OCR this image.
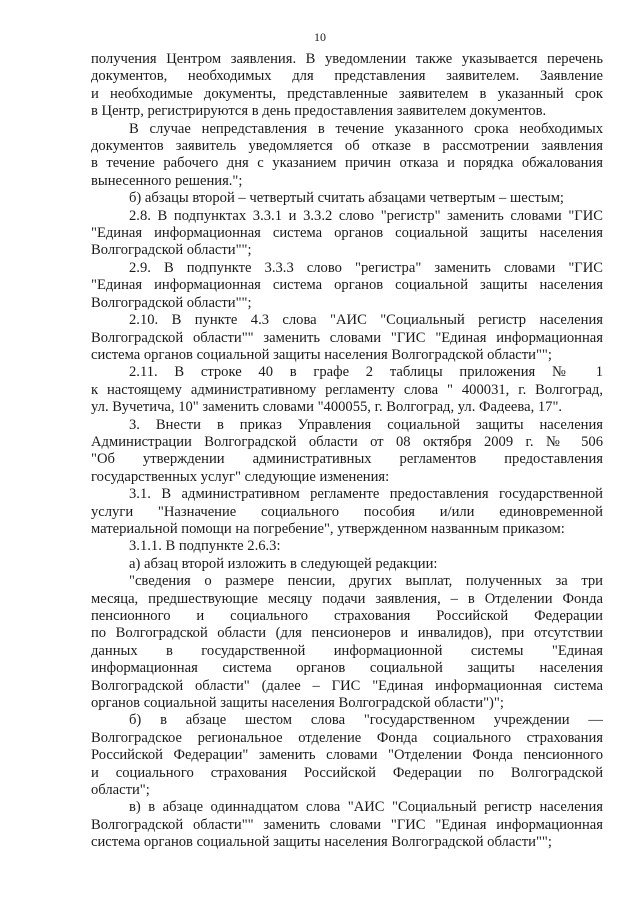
10
получения Центром заявления. В уведомлении также указывается перечень
документов, необходимых для представления заявителем. Заявление
и необходимые документы, представленные заявителем в указанный срок
в Центр, регистрируются в день предоставления заявителем документов.
В случае непредставления в течение указанного срока необходимых
документов заявитель уведомляется об отказе в рассмотрении заявления
в течение рабочего дня с указанием причин отказа и порядка обжалования
вынесенного решения.";
б) абзацы второй – четвертый считать абзацами четвертым – шестым;
2.8. В подпунктах 3.3.1 и 3.3.2 слово "регистр" заменить словами "ГИС
"Единая информационная система органов социальной защиты населения
Волгоградской области"";
2.9. В подпункте 3.3.3 слово "регистра" заменить словами "ГИС
"Единая информационная система органов социальной защиты населения
Волгоградской области"";
2.10. В пункте 4.3 слова "АИС "Социальный регистр населения
Волгоградской области"" заменить словами "ГИС "Единая информационная
система органов социальной защиты населения Волгоградской области"";
2.11. В строке 40 в графе 2 таблицы приложения № 1
к настоящему административному регламенту слова " 400031, г. Волгоград,
ул. Вучетича, 10" заменить словами "400055, г. Волгоград, ул. Фадеева, 17".
3. Внести в приказ Управления социальной защиты населения
Администрации Волгоградской области от 08 октября 2009 г. № 506
"Об утверждении административных регламентов предоставления
государственных услуг" следующие изменения:
3.1. В административном регламенте предоставления государственной
услуги "Назначение социального пособия и/или единовременной
материальной помощи на погребение", утвержденном названным приказом:
3.1.1. В подпункте 2.6.3:
а) абзац второй изложить в следующей редакции:
"сведения о размере пенсии, других выплат, полученных за три
месяца, предшествующие месяцу подачи заявления, – в Отделении Фонда
пенсионного и социального страхования Российской Федерации
по Волгоградской области (для пенсионеров и инвалидов), при отсутствии
данных в государственной информационной системы "Единая
информационная система органов социальной защиты населения
Волгоградской области" (далее – ГИС "Единая информационная система
органов социальной защиты населения Волгоградской области")";
б) в абзаце шестом слова "государственном учреждении —
Волгоградское региональное отделение Фонда социального страхования
Российской Федерации" заменить словами "Отделении Фонда пенсионного
и социального страхования Российской Федерации по Волгоградской
области";
в) в абзаце одиннадцатом слова "АИС "Социальный регистр населения
Волгоградской области"" заменить словами "ГИС "Единая информационная
система органов социальной защиты населения Волгоградской области"";
